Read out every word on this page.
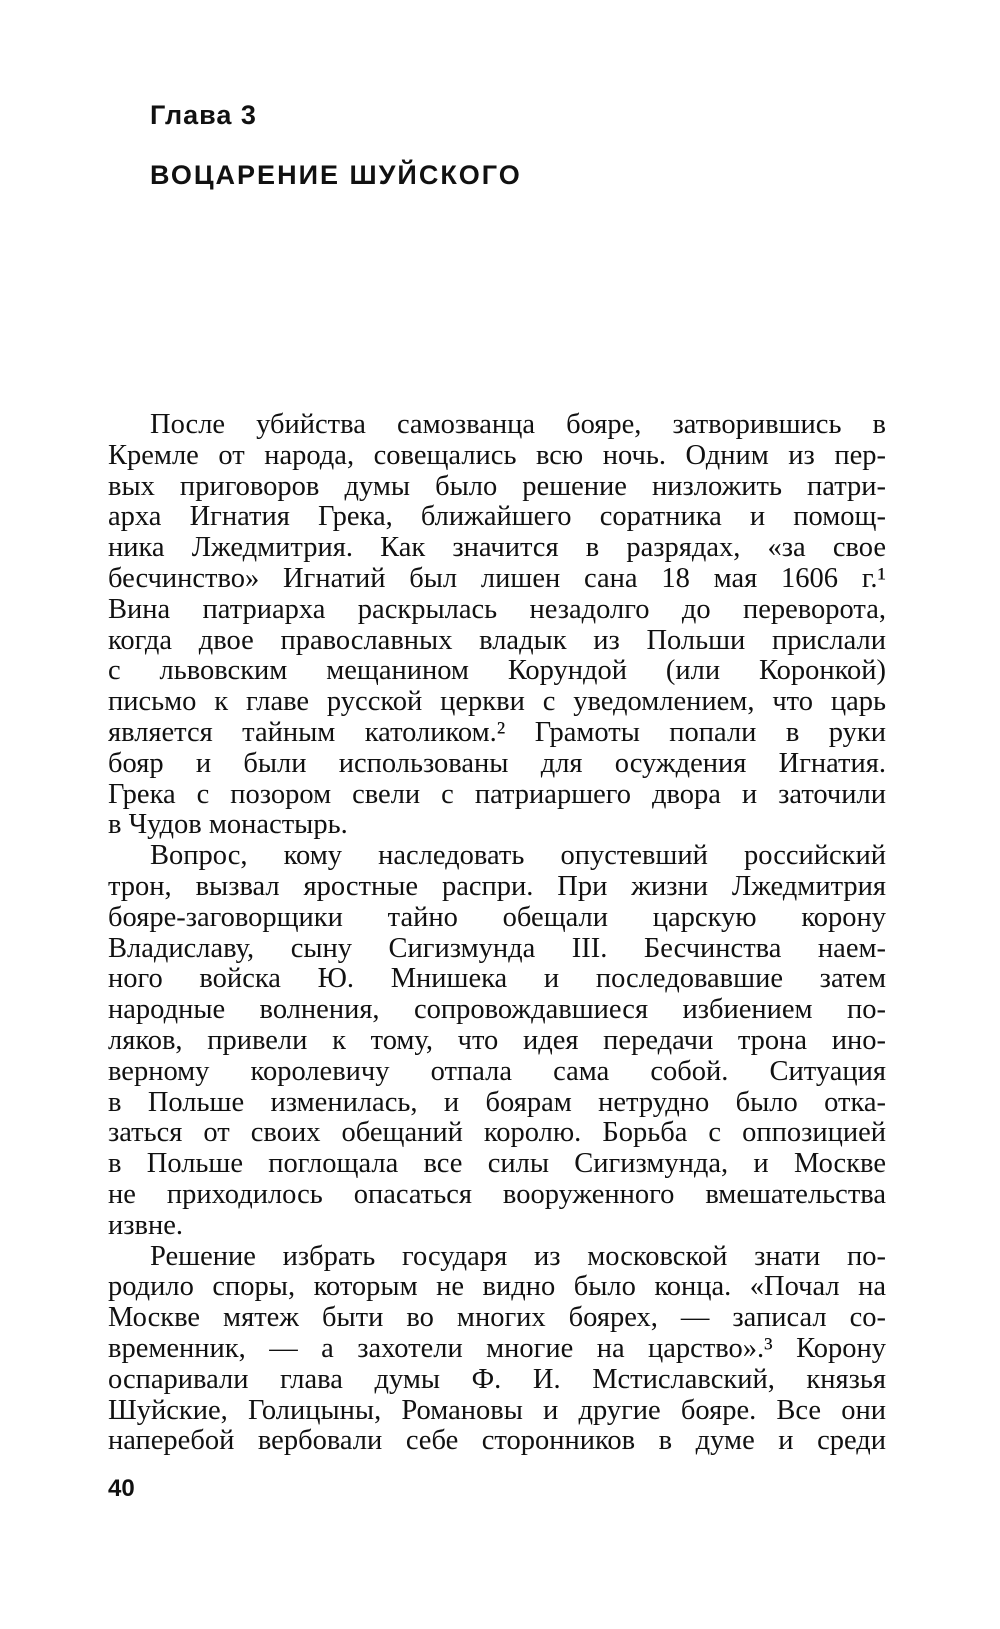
Глава 3
ВОЦАРЕНИЕ ШУЙСКОГО

После убийства самозванца бояре, затворившись в
Кремле от народа, совещались всю ночь. Одним из пер-
вых приговоров думы было решение низложить патри-
арха Игнатия Грека, ближайшего соратника и помощ-
ника Лжедмитрия. Как значится в разрядах, «за свое
бесчинство» Игнатий был лишен сана 18 мая 1606 г.¹
Вина патриарха раскрылась незадолго до переворота,
когда двое православных владык из Польши прислали
с львовским мещанином Корундой (или Коронкой)
письмо к главе русской церкви с уведомлением, что царь
является тайным католиком.² Грамоты попали в руки
бояр и были использованы для осуждения Игнатия.
Грека с позором свели с патриаршего двора и заточили
в Чудов монастырь.

Вопрос, кому наследовать опустевший российский
трон, вызвал яростные распри. При жизни Лжедмитрия
бояре-заговорщики тайно обещали царскую корону
Владиславу, сыну Сигизмунда III. Бесчинства наем-
ного войска Ю. Мнишека и последовавшие затем
народные волнения, сопровождавшиеся избиением по-
ляков, привели к тому, что идея передачи трона ино-
верному королевичу отпала сама собой. Ситуация
в Польше изменилась, и боярам нетрудно было отка-
заться от своих обещаний королю. Борьба с оппозицией
в Польше поглощала все силы Сигизмунда, и Москве
не приходилось опасаться вооруженного вмешательства
извне.

Решение избрать государя из московской знати по-
родило споры, которым не видно было конца. «Почал на
Москве мятеж быти во многих боярех, — записал со-
временник, — а захотели многие на царство».³ Корону
оспаривали глава думы Ф. И. Мстиславский, князья
Шуйские, Голицыны, Романовы и другие бояре. Все они
наперебой вербовали себе сторонников в думе и среди

40
